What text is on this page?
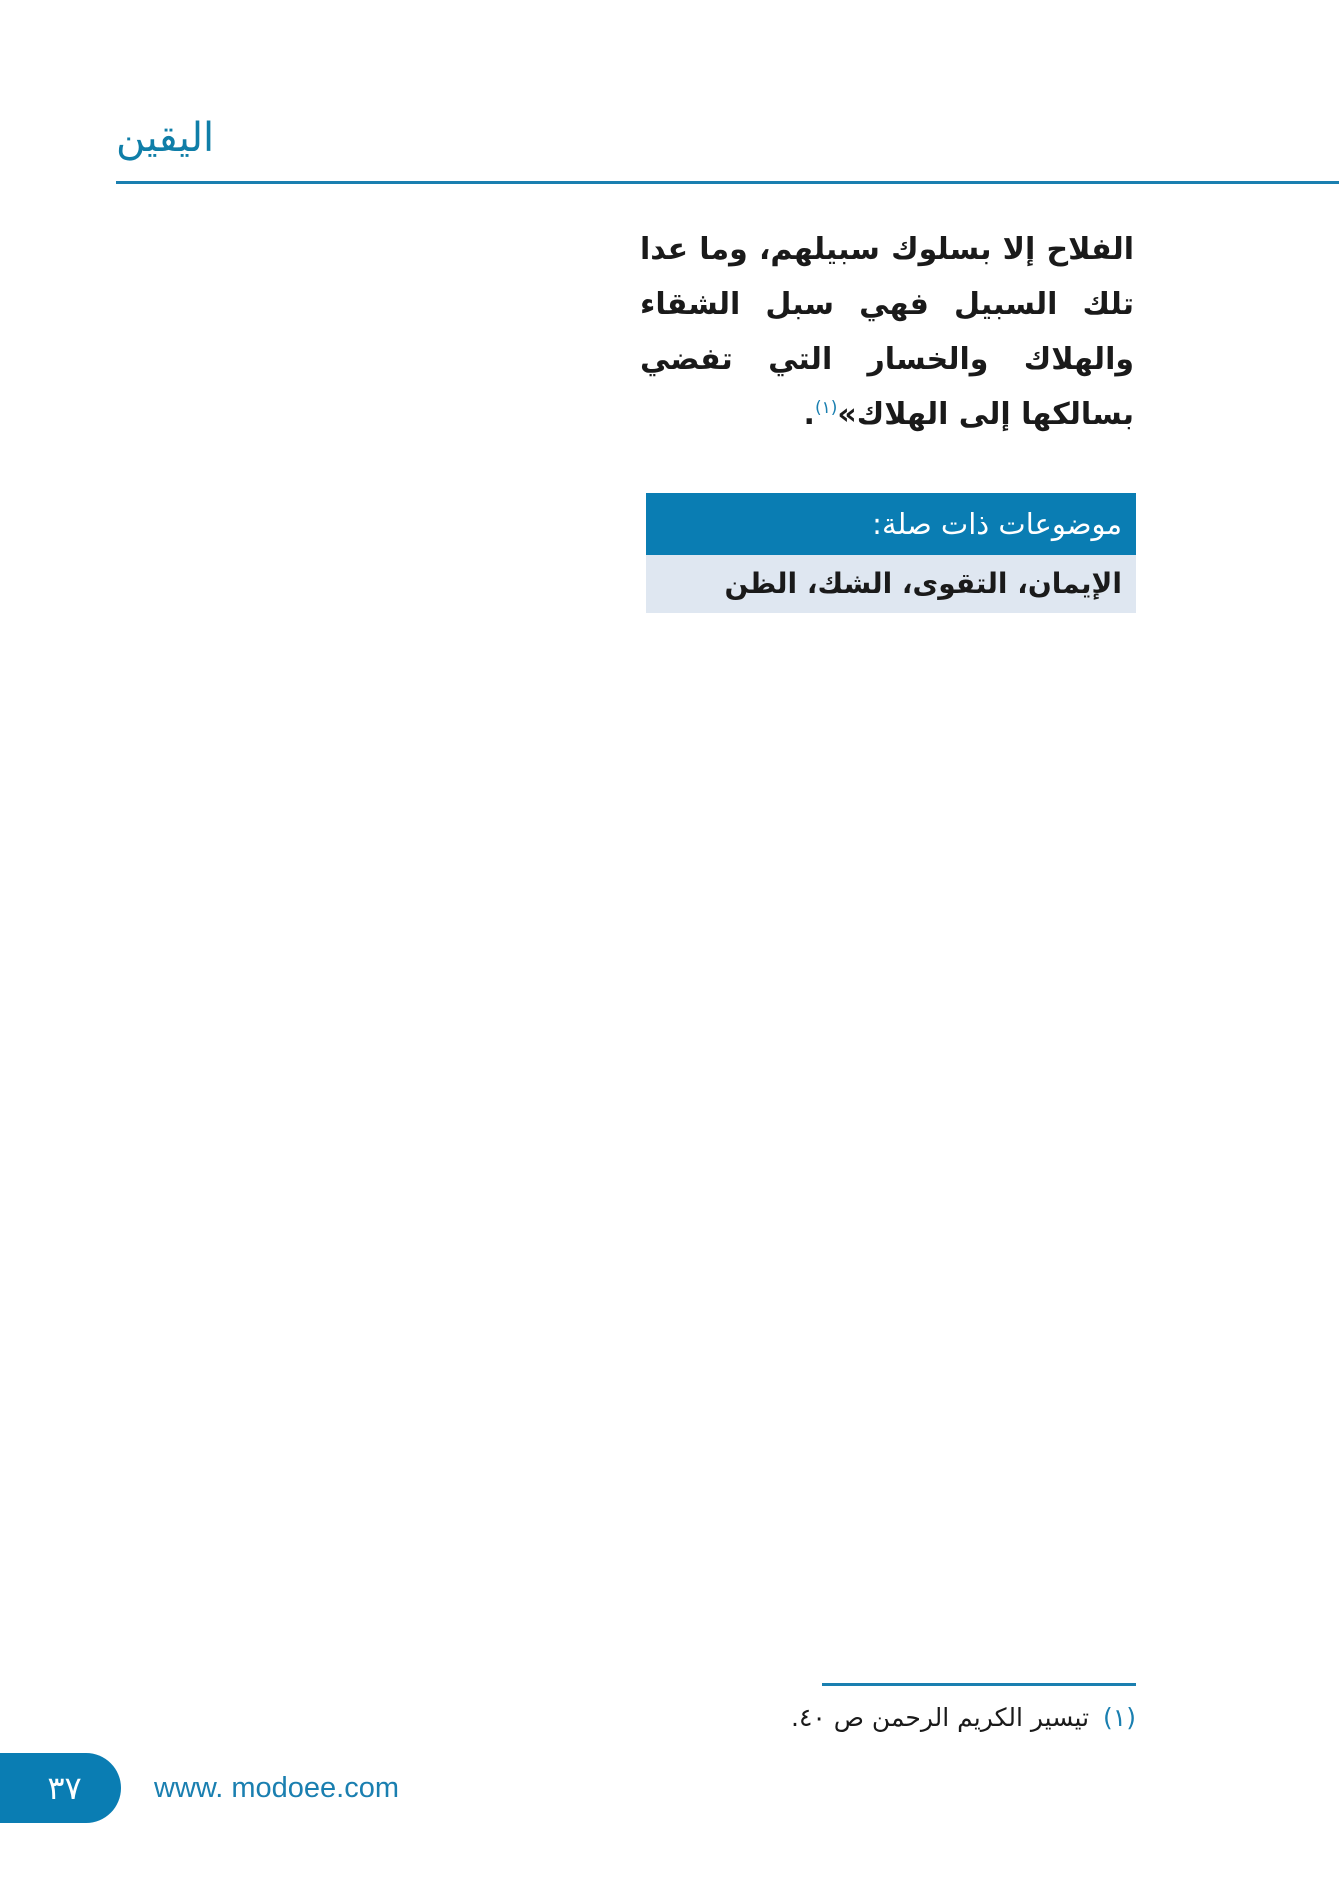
اليقين
الفلاح إلا بسلوك سبيلهم، وما عدا تلك السبيل فهي سبل الشقاء والهلاك والخسار التي تفضي بسالكها إلى الهلاك»$^{(١)}$.
موضوعات ذات صلة:
الإيمان، التقوى، الشك، الظن
(١)تيسير الكريم الرحمن ص ٤٠.
٣٧	www. modoee.com
